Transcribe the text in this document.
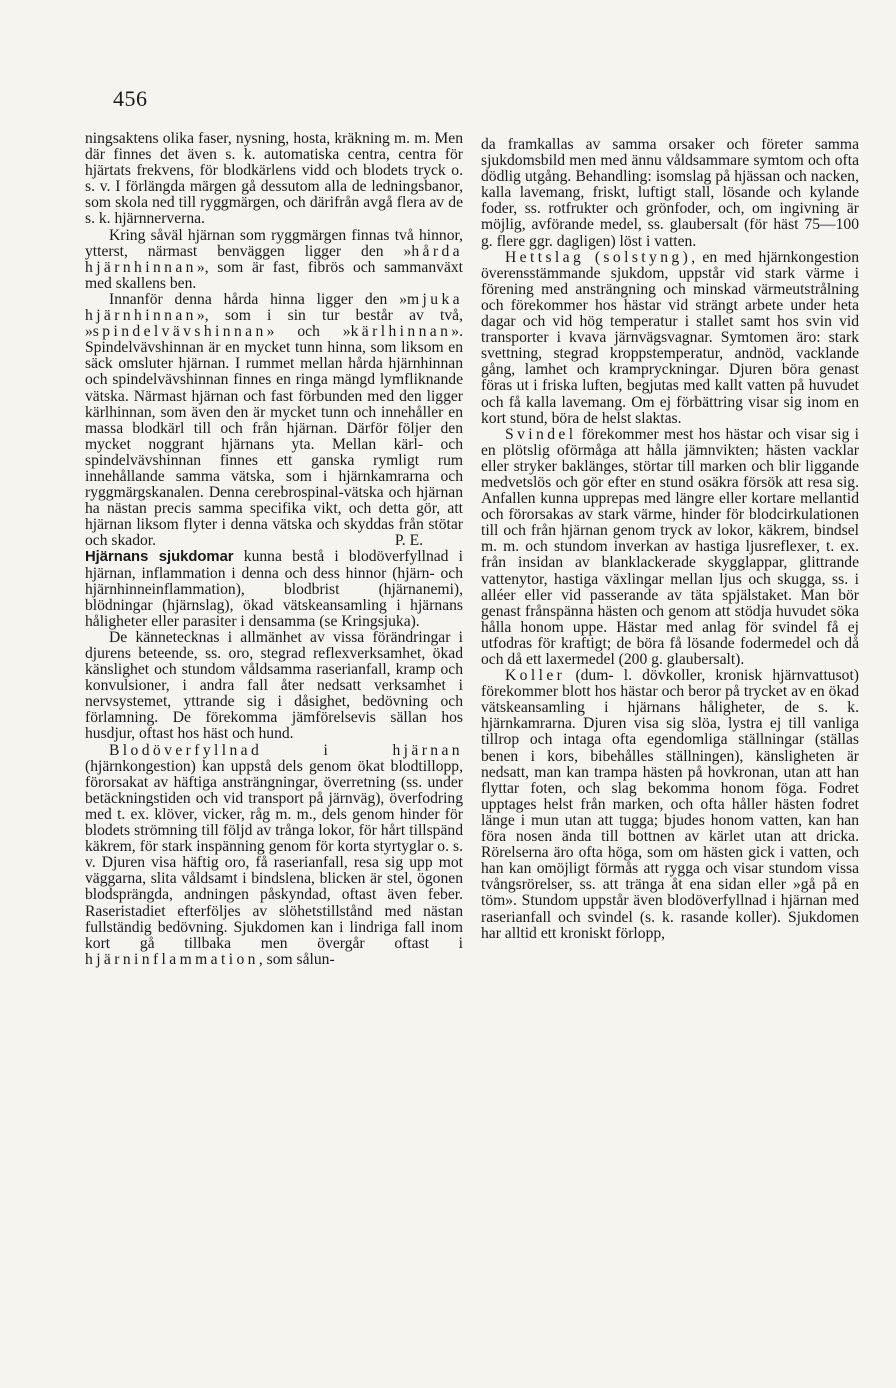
456

ningsaktens olika faser, nysning, hosta, kräkning m. m. Men där finnes det även s. k. automatiska centra, centra för hjärtats frekvens, för blodkärlens vidd och blodets tryck o. s. v. I förlängda märgen gå dessutom alla de ledningsbanor, som skola ned till ryggmärgen, och därifrån avgå flera av de s. k. hjärnnerverna.

Kring såväl hjärnan som ryggmärgen finnas två hinnor, ytterst, närmast benväggen ligger den »hårda hjärnhinnan», som är fast, fibrös och sammanväxt med skallens ben.

Innanför denna hårda hinna ligger den »mjuka hjärnhinnan», som i sin tur består av två, »spindelvävshinnan» och »kärlhinnan». Spindelvävshinnan är en mycket tunn hinna, som liksom en säck omsluter hjärnan. I rummet mellan hårda hjärnhinnan och spindelvävshinnan finnes en ringa mängd lymfliknande vätska. Närmast hjärnan och fast förbunden med den ligger kärlhinnan, som även den är mycket tunn och innehåller en massa blodkärl till och från hjärnan. Därför följer den mycket noggrant hjärnans yta. Mellan kärl- och spindelvävshinnan finnes ett ganska rymligt rum innehållande samma vätska, som i hjärnkamrarna och ryggmärgskanalen. Denna cerebrospinal-vätska och hjärnan ha nästan precis samma specifika vikt, och detta gör, att hjärnan liksom flyter i denna vätska och skyddas från stötar och skador.	P. E.

Hjärnans sjukdomar kunna bestå i blodöverfyllnad i hjärnan, inflammation i denna och dess hinnor (hjärn- och hjärnhinneinflammation), blodbrist (hjärnanemi), blödningar (hjärnslag), ökad vätskeansamling i hjärnans håligheter eller parasiter i densamma (se Kringsjuka).

De kännetecknas i allmänhet av vissa förändringar i djurens beteende, ss. oro, stegrad reflexverksamhet, ökad känslighet och stundom våldsamma raserianfall, kramp och konvulsioner, i andra fall åter nedsatt verksamhet i nervsystemet, yttrande sig i dåsighet, bedövning och förlamning. De förekomma jämförelsevis sällan hos husdjur, oftast hos häst och hund.

Blodöverfyllnad i hjärnan (hjärnkongestion) kan uppstå dels genom ökat blodtillopp, förorsakat av häftiga ansträngningar, överretning (ss. under betäckningstiden och vid transport på järnväg), överfodring med t. ex. klöver, vicker, råg m. m., dels genom hinder för blodets strömning till följd av trånga lokor, för hårt tillspänd käkrem, för stark inspänning genom för korta styrtyglar o. s. v. Djuren visa häftig oro, få raserianfall, resa sig upp mot väggarna, slita våldsamt i bindslena, blicken är stel, ögonen blodsprängda, andningen påskyndad, oftast även feber. Raseristadiet efterföljes av slöhetstillstånd med nästan fullständig bedövning. Sjukdomen kan i lindriga fall inom kort gå tillbaka men övergår oftast i hjärninflammation, som sålun-

da framkallas av samma orsaker och företer samma sjukdomsbild men med ännu våldsammare symtom och ofta dödlig utgång. Behandling: isomslag på hjässan och nacken, kalla lavemang, friskt, luftigt stall, lösande och kylande foder, ss. rotfrukter och grönfoder, och, om ingivning är möjlig, avförande medel, ss. glaubersalt (för häst 75—100 g. flere ggr. dagligen) löst i vatten.

Hettslag (solstyng), en med hjärnkongestion överensstämmande sjukdom, uppstår vid stark värme i förening med ansträngning och minskad värmeutstrålning och förekommer hos hästar vid strängt arbete under heta dagar och vid hög temperatur i stallet samt hos svin vid transporter i kvava järnvägsvagnar. Symtomen äro: stark svettning, stegrad kroppstemperatur, andnöd, vacklande gång, lamhet och krampryckningar. Djuren böra genast föras ut i friska luften, begjutas med kallt vatten på huvudet och få kalla lavemang. Om ej förbättring visar sig inom en kort stund, böra de helst slaktas.

Svindel förekommer mest hos hästar och visar sig i en plötslig oförmåga att hålla jämnvikten; hästen vacklar eller stryker baklänges, störtar till marken och blir liggande medvetslös och gör efter en stund osäkra försök att resa sig. Anfallen kunna upprepas med längre eller kortare mellantid och förorsakas av stark värme, hinder för blodcirkulationen till och från hjärnan genom tryck av lokor, käkrem, bindsel m. m. och stundom inverkan av hastiga ljusreflexer, t. ex. från insidan av blanklackerade skygglappar, glittrande vattenytor, hastiga växlingar mellan ljus och skugga, ss. i alléer eller vid passerande av täta spjälstaket. Man bör genast frånspänna hästen och genom att stödja huvudet söka hålla honom uppe. Hästar med anlag för svindel få ej utfodras för kraftigt; de böra få lösande fodermedel och då och då ett laxermedel (200 g. glaubersalt).

Koller (dum- l. dövkoller, kronisk hjärnvattusot) förekommer blott hos hästar och beror på trycket av en ökad vätskeansamling i hjärnans håligheter, de s. k. hjärnkamrarna. Djuren visa sig slöa, lystra ej till vanliga tillrop och intaga ofta egendomliga ställningar (ställas benen i kors, bibehålles ställningen), känsligheten är nedsatt, man kan trampa hästen på hovkronan, utan att han flyttar foten, och slag bekomma honom föga. Fodret upptages helst från marken, och ofta håller hästen fodret länge i mun utan att tugga; bjudes honom vatten, kan han föra nosen ända till bottnen av kärlet utan att dricka. Rörelserna äro ofta höga, som om hästen gick i vatten, och han kan omöjligt förmås att rygga och visar stundom vissa tvångsrörelser, ss. att tränga åt ena sidan eller »gå på en töm». Stundom uppstår även blodöverfyllnad i hjärnan med raserianfall och svindel (s. k. rasande koller). Sjukdomen har alltid ett kroniskt förlopp,
